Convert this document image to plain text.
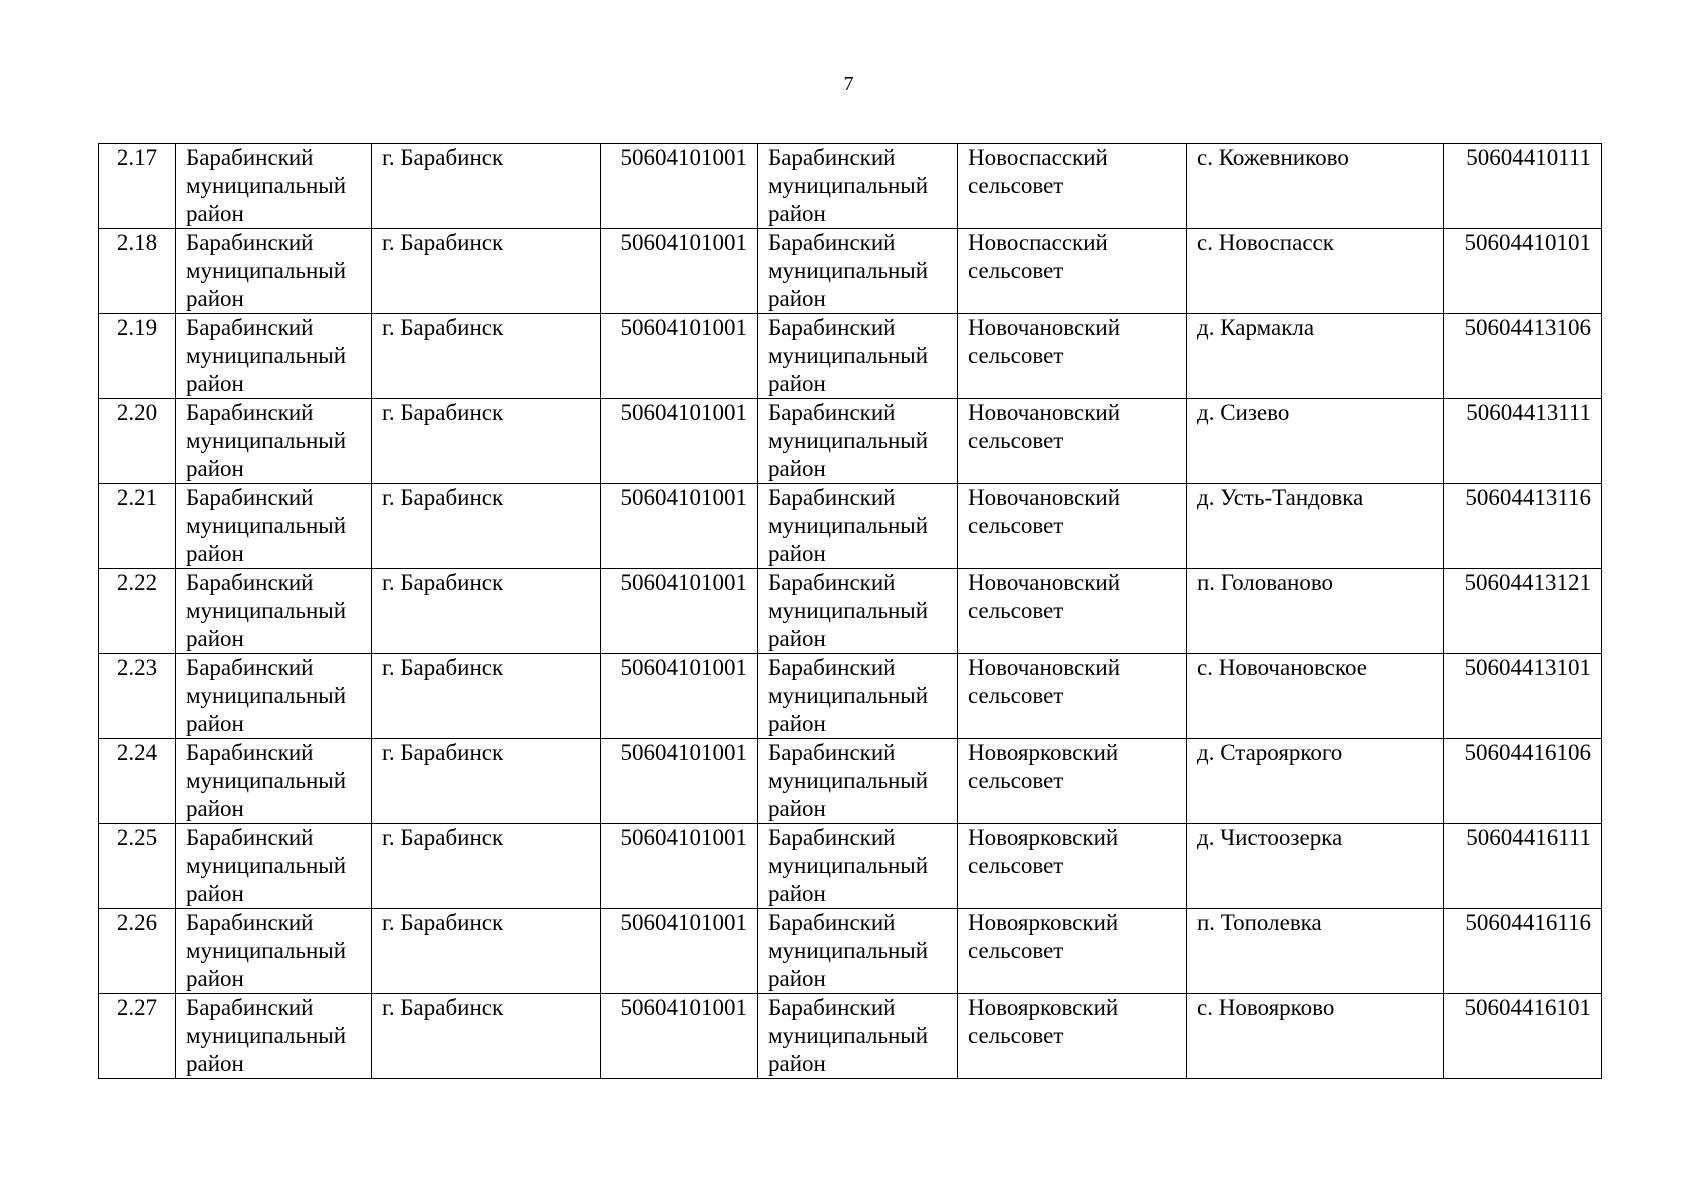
7
2.17	Барабинский
муниципальный
район	г. Барабинск	50604101001	Барабинский
муниципальный
район	Новоспасский
сельсовет	с. Кожевниково	50604410111

2.18	Барабинский
муниципальный
район	г. Барабинск	50604101001	Барабинский
муниципальный
район	Новоспасский
сельсовет	с. Новоспасск	50604410101

2.19	Барабинский
муниципальный
район	г. Барабинск	50604101001	Барабинский
муниципальный
район	Новочановский
сельсовет	д. Кармакла	50604413106

2.20	Барабинский
муниципальный
район	г. Барабинск	50604101001	Барабинский
муниципальный
район	Новочановский
сельсовет	д. Сизево	50604413111

2.21	Барабинский
муниципальный
район	г. Барабинск	50604101001	Барабинский
муниципальный
район	Новочановский
сельсовет	д. Усть-Тандовка	50604413116

2.22	Барабинский
муниципальный
район	г. Барабинск	50604101001	Барабинский
муниципальный
район	Новочановский
сельсовет	п. Голованово	50604413121

2.23	Барабинский
муниципальный
район	г. Барабинск	50604101001	Барабинский
муниципальный
район	Новочановский
сельсовет	с. Новочановское	50604413101

2.24	Барабинский
муниципальный
район	г. Барабинск	50604101001	Барабинский
муниципальный
район	Новоярковский
сельсовет	д. Старояркого	50604416106

2.25	Барабинский
муниципальный
район	г. Барабинск	50604101001	Барабинский
муниципальный
район	Новоярковский
сельсовет	д. Чистоозерка	50604416111

2.26	Барабинский
муниципальный
район	г. Барабинск	50604101001	Барабинский
муниципальный
район	Новоярковский
сельсовет	п. Тополевка	50604416116

2.27	Барабинский
муниципальный
район	г. Барабинск	50604101001	Барабинский
муниципальный
район	Новоярковский
сельсовет	с. Новоярково	50604416101
